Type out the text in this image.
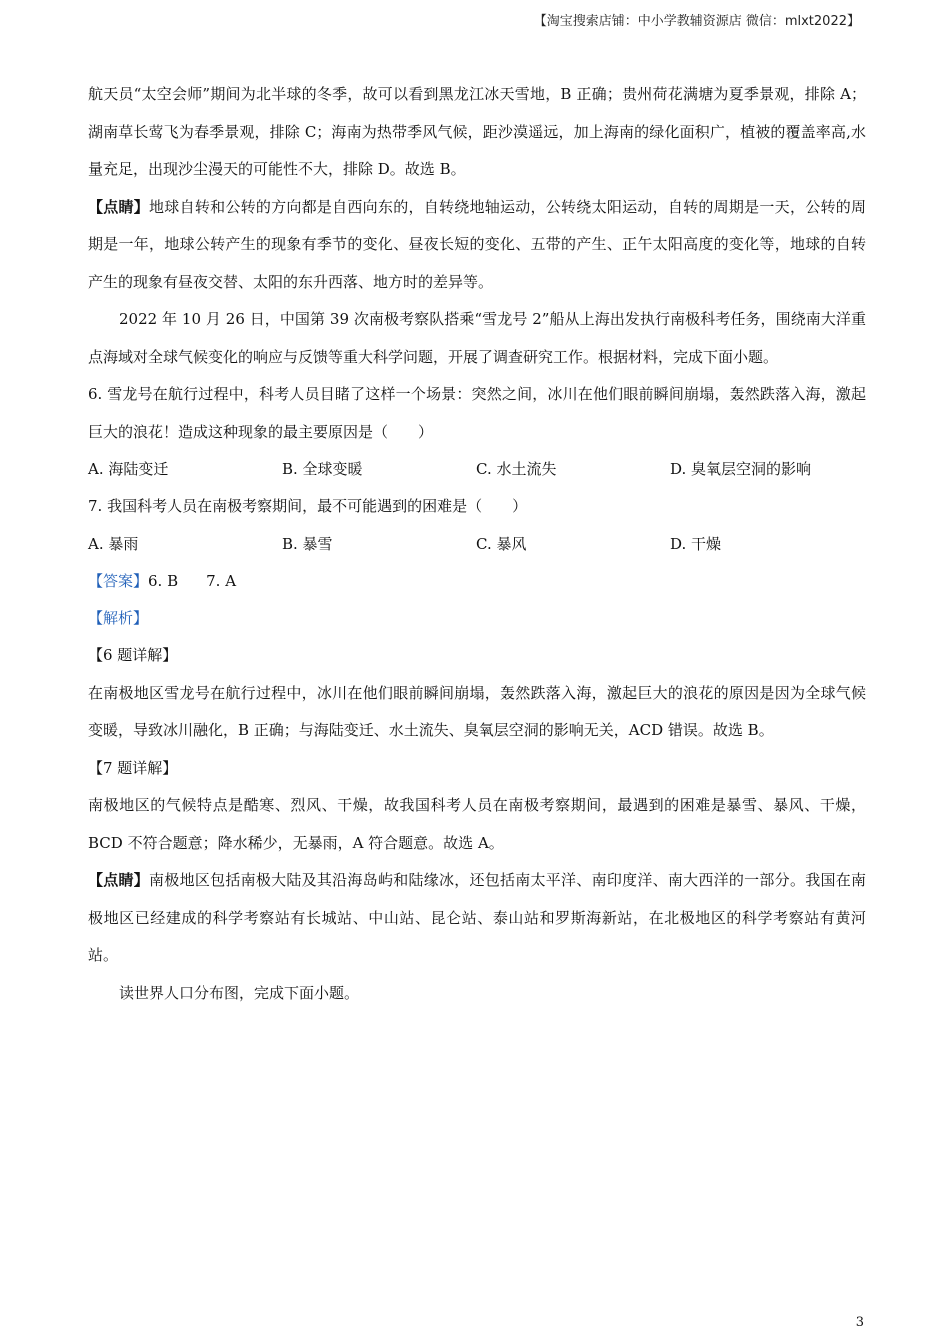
【淘宝搜索店铺：中小学教辅资源店 微信：mlxt2022】

航天员“太空会师”期间为北半球的冬季，故可以看到黑龙江冰天雪地，B 正确；贵州荷花满塘为夏季景观，排除 A；湖南草长莺飞为春季景观，排除 C；海南为热带季风气候，距沙漠遥远，加上海南的绿化面积广，植被的覆盖率高,水量充足，出现沙尘漫天的可能性不大，排除 D。故选 B。

【点睛】地球自转和公转的方向都是自西向东的，自转绕地轴运动，公转绕太阳运动，自转的周期是一天，公转的周期是一年，地球公转产生的现象有季节的变化、昼夜长短的变化、五带的产生、正午太阳高度的变化等，地球的自转产生的现象有昼夜交替、太阳的东升西落、地方时的差异等。

2022 年 10 月 26 日，中国第 39 次南极考察队搭乘“雪龙号 2”船从上海出发执行南极科考任务，围绕南大洋重点海域对全球气候变化的响应与反馈等重大科学问题，开展了调查研究工作。根据材料，完成下面小题。

6. 雪龙号在航行过程中，科考人员目睹了这样一个场景：突然之间，冰川在他们眼前瞬间崩塌，轰然跌落入海，激起巨大的浪花！造成这种现象的最主要原因是（　　）

A. 海陆变迁	B. 全球变暖	C. 水土流失	D. 臭氧层空洞的影响

7. 我国科考人员在南极考察期间，最不可能遇到的困难是（　　）

A. 暴雨	B. 暴雪	C. 暴风	D. 干燥
【答案】6. B 7. A

【解析】

【6 题详解】

在南极地区雪龙号在航行过程中，冰川在他们眼前瞬间崩塌，轰然跌落入海，激起巨大的浪花的原因是因为全球气候变暖，导致冰川融化，B 正确；与海陆变迁、水土流失、臭氧层空洞的影响无关，ACD 错误。故选 B。

【7 题详解】

南极地区的气候特点是酷寒、烈风、干燥，故我国科考人员在南极考察期间，最遇到的困难是暴雪、暴风、干燥，BCD 不符合题意；降水稀少，无暴雨，A 符合题意。故选 A。

【点睛】南极地区包括南极大陆及其沿海岛屿和陆缘冰，还包括南太平洋、南印度洋、南大西洋的一部分。我国在南极地区已经建成的科学考察站有长城站、中山站、昆仑站、泰山站和罗斯海新站，在北极地区的科学考察站有黄河站。

读世界人口分布图，完成下面小题。

3
